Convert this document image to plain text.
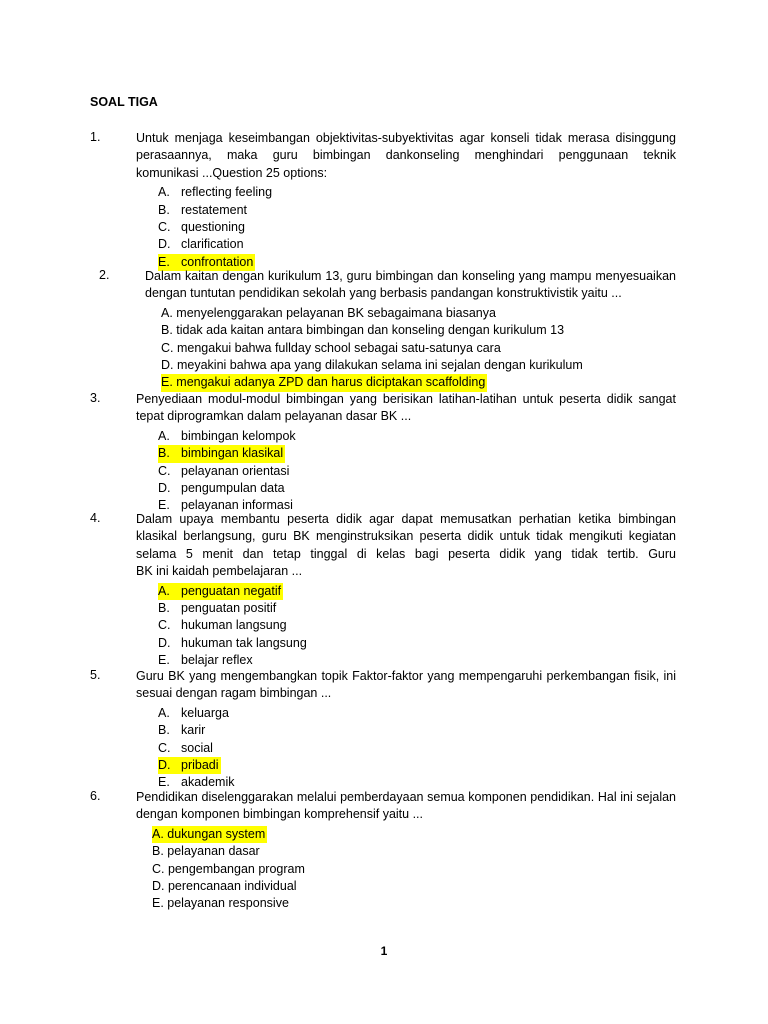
SOAL TIGA
1.	Untuk menjaga keseimbangan objektivitas-subyektivitas agar konseli tidak merasa disinggung
perasaannya, maka guru bimbingan dankonseling menghindari penggunaan teknik
komunikasi ...Question 25 options:
A. reflecting feeling
B. restatement
C. questioning
D. clarification
E. confrontation
2.	Dalam kaitan dengan kurikulum 13, guru bimbingan dan konseling yang mampu menyesuaikan
dengan tuntutan pendidikan sekolah yang berbasis pandangan konstruktivistik yaitu ...
A. menyelenggarakan pelayanan BK sebagaimana biasanya
B. tidak ada kaitan antara bimbingan dan konseling dengan kurikulum 13
C. mengakui bahwa fullday school sebagai satu-satunya cara
D. meyakini bahwa apa yang dilakukan selama ini sejalan dengan kurikulum
E. mengakui adanya ZPD dan harus diciptakan scaffolding
3.	Penyediaan modul-modul bimbingan yang berisikan latihan-latihan untuk peserta didik sangat
tepat diprogramkan dalam pelayanan dasar BK ...
A. bimbingan kelompok
B. bimbingan klasikal
C. pelayanan orientasi
D. pengumpulan data
E. pelayanan informasi
4.	Dalam upaya membantu peserta didik agar dapat memusatkan perhatian ketika bimbingan
klasikal berlangsung, guru BK menginstruksikan peserta didik untuk tidak mengikuti kegiatan
selama 5 menit dan tetap tinggal di kelas bagi peserta didik yang tidak tertib. Guru
BK ini kaidah pembelajaran ...
A. penguatan negatif
B. penguatan positif
C. hukuman langsung
D. hukuman tak langsung
E. belajar reflex
5.	Guru BK yang mengembangkan topik Faktor-faktor yang mempengaruhi perkembangan fisik, ini
sesuai dengan ragam bimbingan ...
A. keluarga
B. karir
C. social
D. pribadi
E. akademik
6.	Pendidikan diselenggarakan melalui pemberdayaan semua komponen pendidikan. Hal ini sejalan
dengan komponen bimbingan komprehensif yaitu ...
A. dukungan system
B. pelayanan dasar
C. pengembangan program
D. perencanaan individual
E. pelayanan responsive
1
